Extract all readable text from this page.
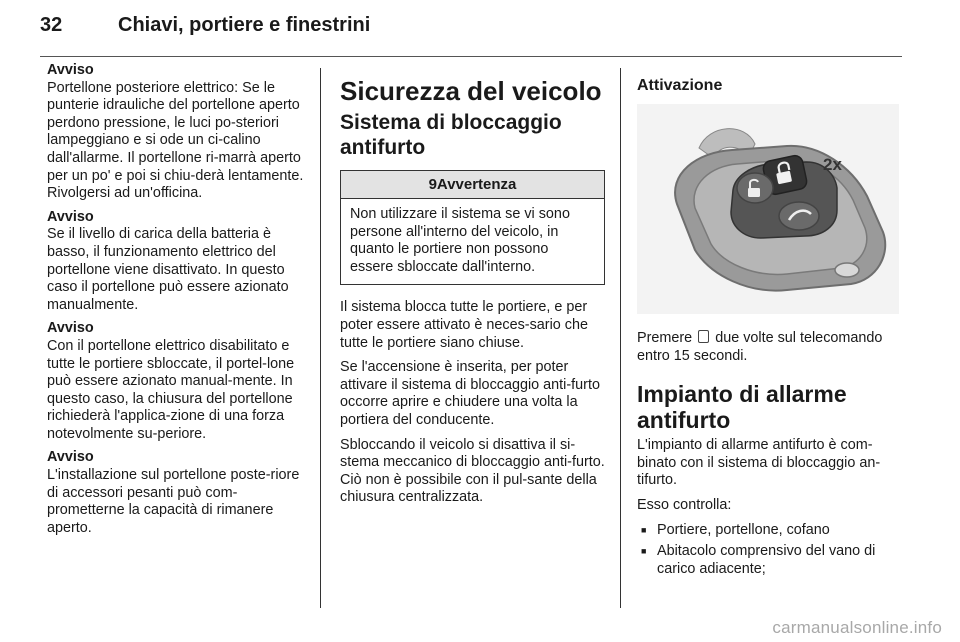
32	Chiavi, portiere e finestrini
Avviso
Portellone posteriore elettrico: Se le punterie idrauliche del portellone aperto perdono pressione, le luci po-steriori lampeggiano e si ode un ci-calino dall'allarme. Il portellone ri-marrà aperto per un po' e poi si chiu-derà lentamente. Rivolgersi ad un'officina.
Avviso
Se il livello di carica della batteria è basso, il funzionamento elettrico del portellone viene disattivato. In questo caso il portellone può essere azionato manualmente.
Avviso
Con il portellone elettrico disabilitato e tutte le portiere sbloccate, il portel-lone può essere azionato manual-mente. In questo caso, la chiusura del portellone richiederà l'applica-zione di una forza notevolmente su-periore.
Avviso
L'installazione sul portellone poste-riore di accessori pesanti può com-prometterne la capacità di rimanere aperto.
Sicurezza del veicolo
Sistema di bloccaggio antifurto
9Avvertenza
Non utilizzare il sistema se vi sono persone all'interno del veicolo, in quanto le portiere non possono essere sbloccate dall'interno.

Il sistema blocca tutte le portiere, e per poter essere attivato è neces-sario che tutte le portiere siano chiuse.

Se l'accensione è inserita, per poter attivare il sistema di bloccaggio anti-furto occorre aprire e chiudere una volta la portiera del conducente.

Sbloccando il veicolo si disattiva il si-stema meccanico di bloccaggio anti-furto. Ciò non è possibile con il pul-sante della chiusura centralizzata.

Attivazione
2x

Premere due volte sul telecomando entro 15 secondi.

Impianto di allarme antifurto

L'impianto di allarme antifurto è com-binato con il sistema di bloccaggio an-tifurto.

Esso controlla:

■ Portiere, portellone, cofano
■ Abitacolo comprensivo del vano di carico adiacente;
carmanualsonline.info
